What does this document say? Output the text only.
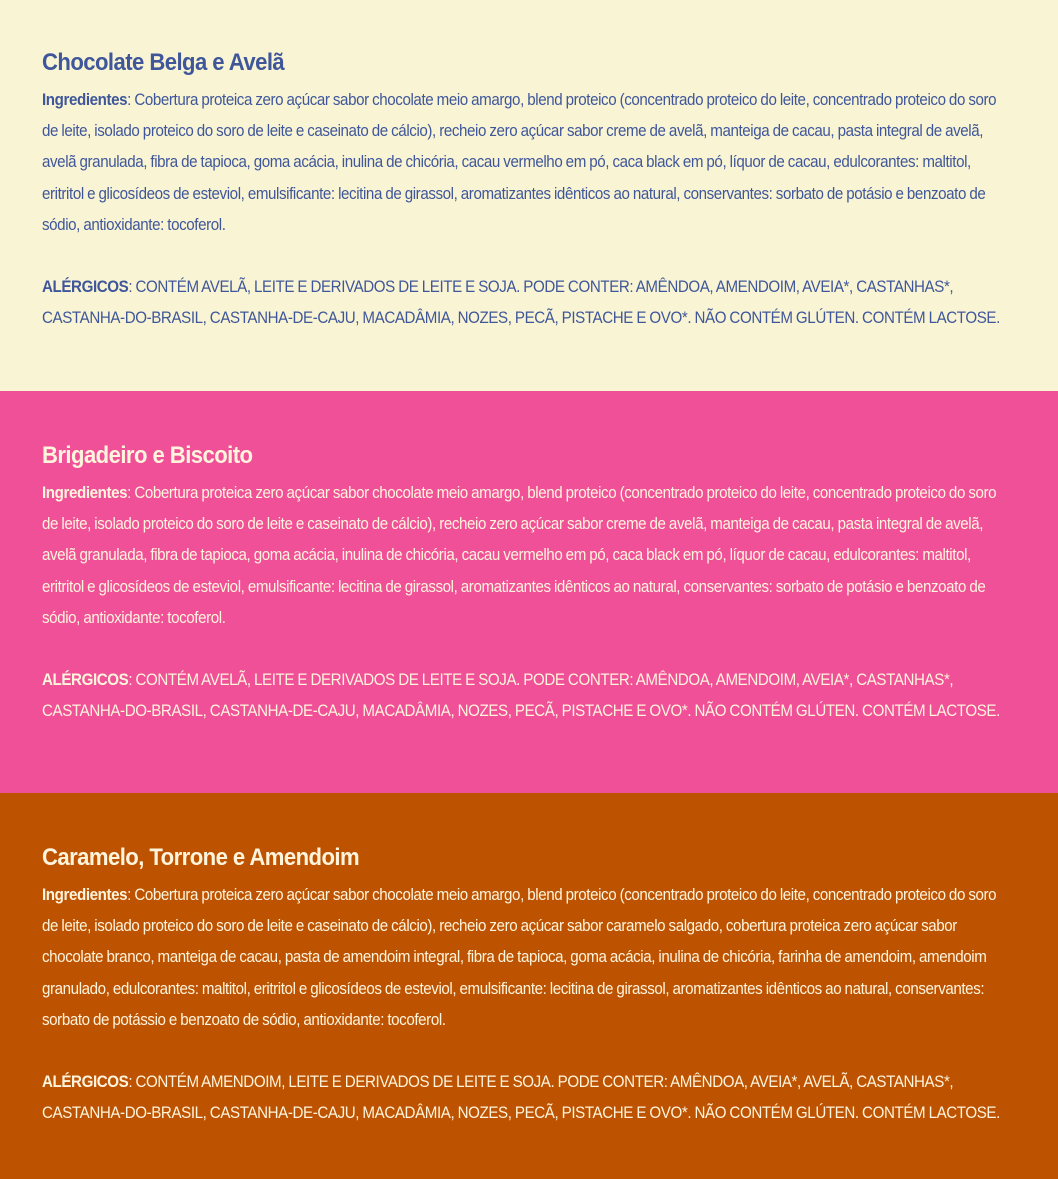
Chocolate Belga e Avelã

Ingredientes: Cobertura proteica zero açúcar sabor chocolate meio amargo, blend proteico (concentrado proteico do leite, concentrado proteico do soro de leite, isolado proteico do soro de leite e caseinato de cálcio), recheio zero açúcar sabor creme de avelã, manteiga de cacau, pasta integral de avelã, avelã granulada, fibra de tapioca, goma acácia, inulina de chicória, cacau vermelho em pó, caca black em pó, líquor de cacau, edulcorantes: maltitol, eritritol e glicosídeos de esteviol, emulsificante: lecitina de girassol, aromatizantes idênticos ao natural, conservantes: sorbato de potásio e benzoato de sódio, antioxidante: tocoferol.

ALÉRGICOS: CONTÉM AVELÃ, LEITE E DERIVADOS DE LEITE E SOJA. PODE CONTER: AMÊNDOA, AMENDOIM, AVEIA*, CASTANHAS*, CASTANHA-DO-BRASIL, CASTANHA-DE-CAJU, MACADÂMIA, NOZES, PECÃ, PISTACHE E OVO*. NÃO CONTÉM GLÚTEN. CONTÉM LACTOSE.

Brigadeiro e Biscoito

Ingredientes: Cobertura proteica zero açúcar sabor chocolate meio amargo, blend proteico (concentrado proteico do leite, concentrado proteico do soro de leite, isolado proteico do soro de leite e caseinato de cálcio), recheio zero açúcar sabor creme de avelã, manteiga de cacau, pasta integral de avelã, avelã granulada, fibra de tapioca, goma acácia, inulina de chicória, cacau vermelho em pó, caca black em pó, líquor de cacau, edulcorantes: maltitol, eritritol e glicosídeos de esteviol, emulsificante: lecitina de girassol, aromatizantes idênticos ao natural, conservantes: sorbato de potásio e benzoato de sódio, antioxidante: tocoferol.

ALÉRGICOS: CONTÉM AVELÃ, LEITE E DERIVADOS DE LEITE E SOJA. PODE CONTER: AMÊNDOA, AMENDOIM, AVEIA*, CASTANHAS*, CASTANHA-DO-BRASIL, CASTANHA-DE-CAJU, MACADÂMIA, NOZES, PECÃ, PISTACHE E OVO*. NÃO CONTÉM GLÚTEN. CONTÉM LACTOSE.

Caramelo, Torrone e Amendoim

Ingredientes: Cobertura proteica zero açúcar sabor chocolate meio amargo, blend proteico (concentrado proteico do leite, concentrado proteico do soro de leite, isolado proteico do soro de leite e caseinato de cálcio), recheio zero açúcar sabor caramelo salgado, cobertura proteica zero açúcar sabor chocolate branco, manteiga de cacau, pasta de amendoim integral, fibra de tapioca, goma acácia, inulina de chicória, farinha de amendoim, amendoim granulado, edulcorantes: maltitol, eritritol e glicosídeos de esteviol, emulsificante: lecitina de girassol, aromatizantes idênticos ao natural, conservantes: sorbato de potássio e benzoato de sódio, antioxidante: tocoferol.

ALÉRGICOS: CONTÉM AMENDOIM, LEITE E DERIVADOS DE LEITE E SOJA. PODE CONTER: AMÊNDOA, AVEIA*, AVELÃ, CASTANHAS*, CASTANHA-DO-BRASIL, CASTANHA-DE-CAJU, MACADÂMIA, NOZES, PECÃ, PISTACHE E OVO*. NÃO CONTÉM GLÚTEN. CONTÉM LACTOSE.
